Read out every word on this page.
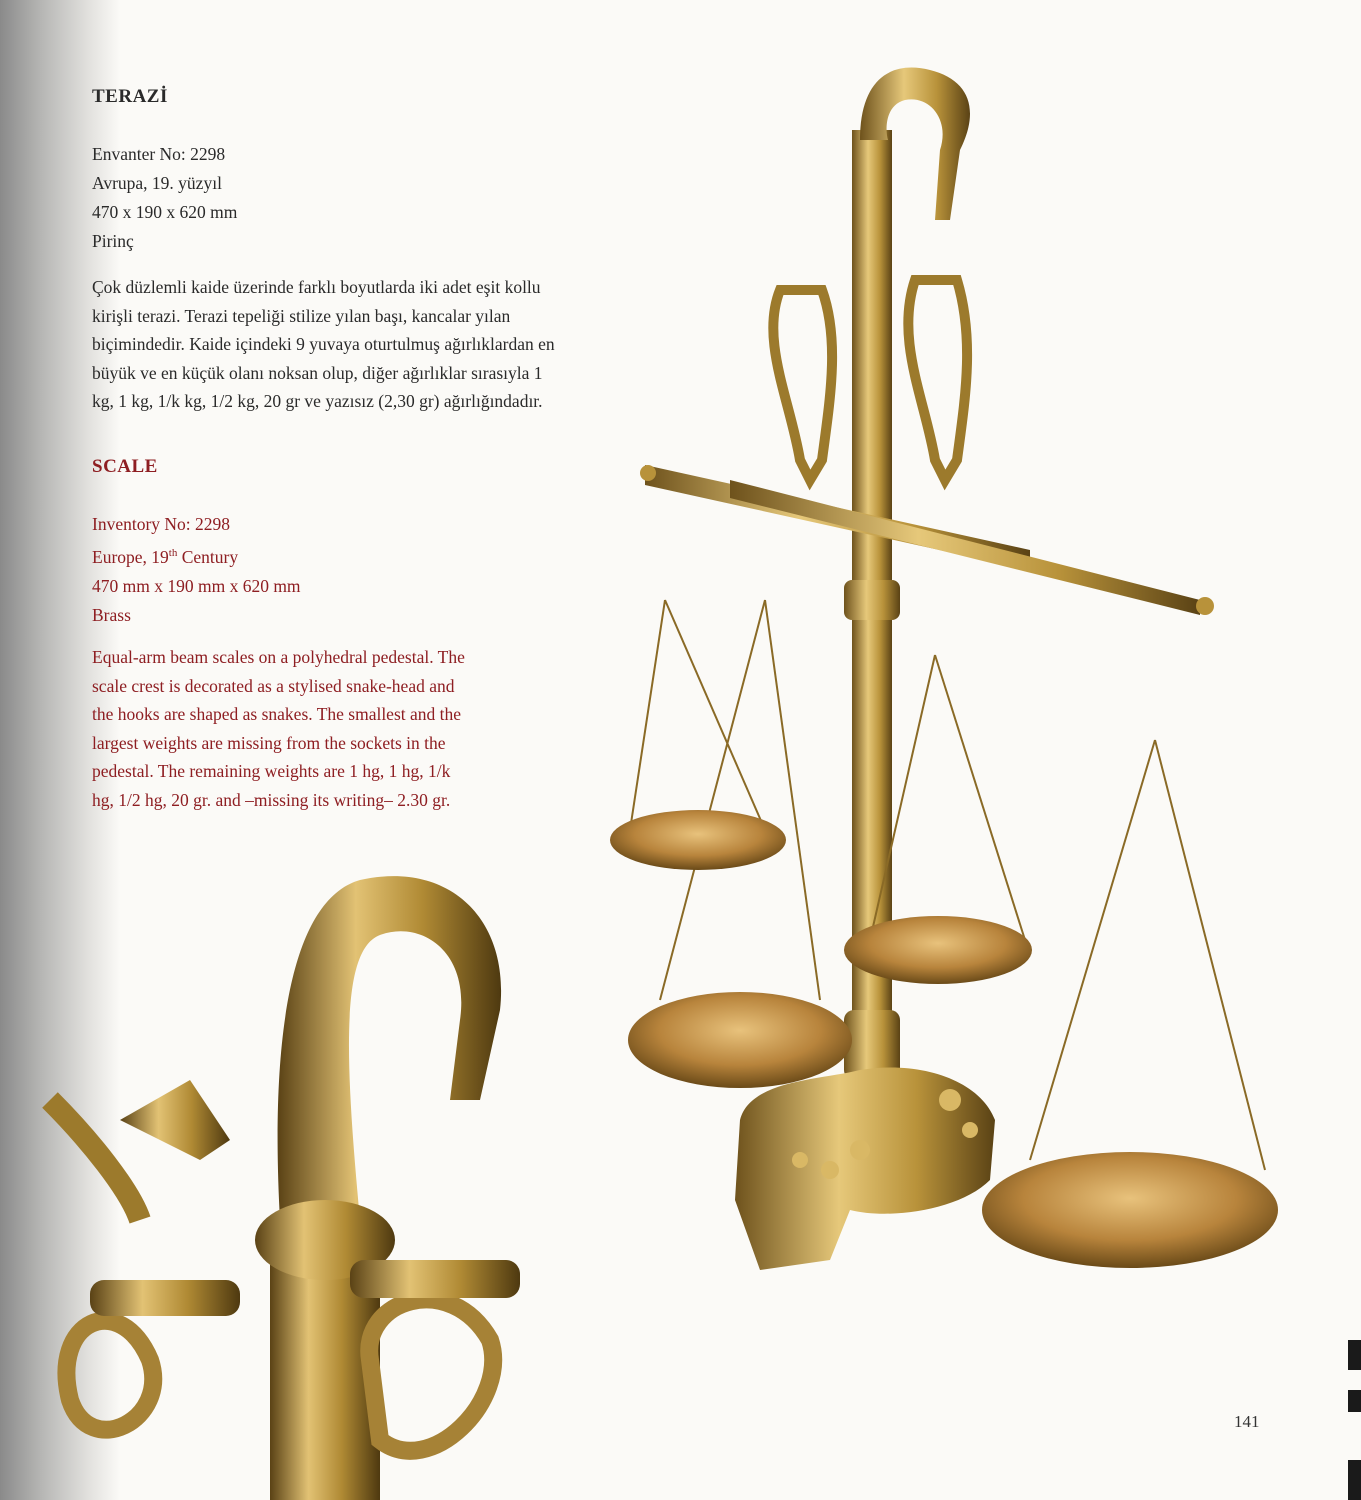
TERAZİ

Envanter No: 2298

Avrupa, 19. yüzyıl

470 x 190 x 620 mm

Pirinç

Çok düzlemli kaide üzerinde farklı boyutlarda iki adet eşit kollu

kirişli terazi. Terazi tepeliği stilize yılan başı, kancalar yılan

biçimindedir. Kaide içindeki 9 yuvaya oturtulmuş ağırlıklardan en

büyük ve en küçük olanı noksan olup, diğer ağırlıklar sırasıyla 1

kg, 1 kg, 1/k kg, 1/2 kg, 20 gr ve yazısız (2,30 gr) ağırlığındadır.

SCALE

Inventory No: 2298

Europe, 19th Century

470 mm x 190 mm x 620 mm

Brass

Equal-arm beam scales on a polyhedral pedestal. The

scale crest is decorated as a stylised snake-head and

the hooks are shaped as snakes. The smallest and the

largest weights are missing from the sockets in the

pedestal. The remaining weights are 1 hg, 1 hg, 1/k

hg, 1/2 hg, 20 gr. and –missing its writing– 2.30 gr.

141
